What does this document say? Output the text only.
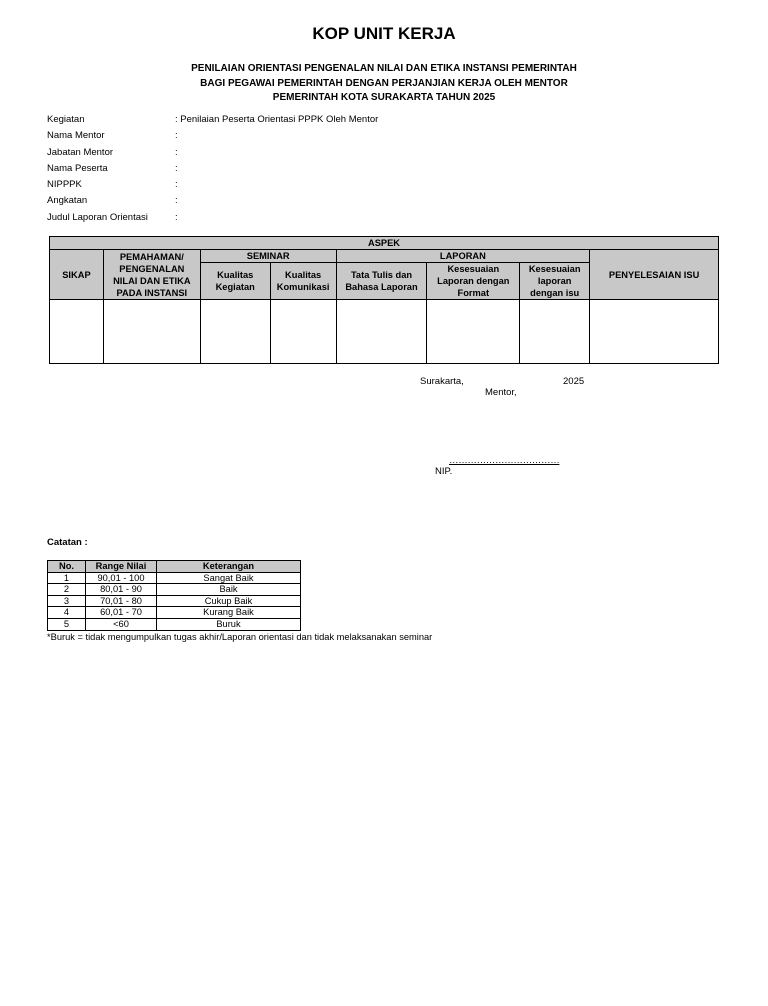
KOP UNIT KERJA
PENILAIAN ORIENTASI PENGENALAN NILAI DAN ETIKA INSTANSI PEMERINTAH
BAGI PEGAWAI PEMERINTAH DENGAN PERJANJIAN KERJA OLEH MENTOR
PEMERINTAH KOTA SURAKARTA TAHUN 2025
Kegiatan	: Penilaian Peserta Orientasi PPPK Oleh Mentor
Nama Mentor	:
Jabatan Mentor	:
Nama Peserta	:
NIPPPK	:
Angkatan	:
Judul Laporan Orientasi	:
ASPEK							
SIKAP	PEMAHAMAN/ PENGENALAN NILAI DAN ETIKA PADA INSTANSI	SEMINAR		LAPORAN			PENYELESAIAN ISU
		Kualitas Kegiatan	Kualitas Komunikasi	Tata Tulis dan Bahasa Laporan	Kesesuaian Laporan dengan Format	Kesesuaian laporan dengan isu	

Surakarta,	2025
Mentor,
………………………………
NIP.
Catatan :
No.	Range Nilai	Keterangan
1	90,01 - 100	Sangat Baik
2	80,01 - 90	Baik
3	70,01 - 80	Cukup Baik
4	60,01 - 70	Kurang Baik
5	<60	Buruk
*Buruk = tidak mengumpulkan tugas akhir/Laporan orientasi dan tidak melaksanakan seminar
